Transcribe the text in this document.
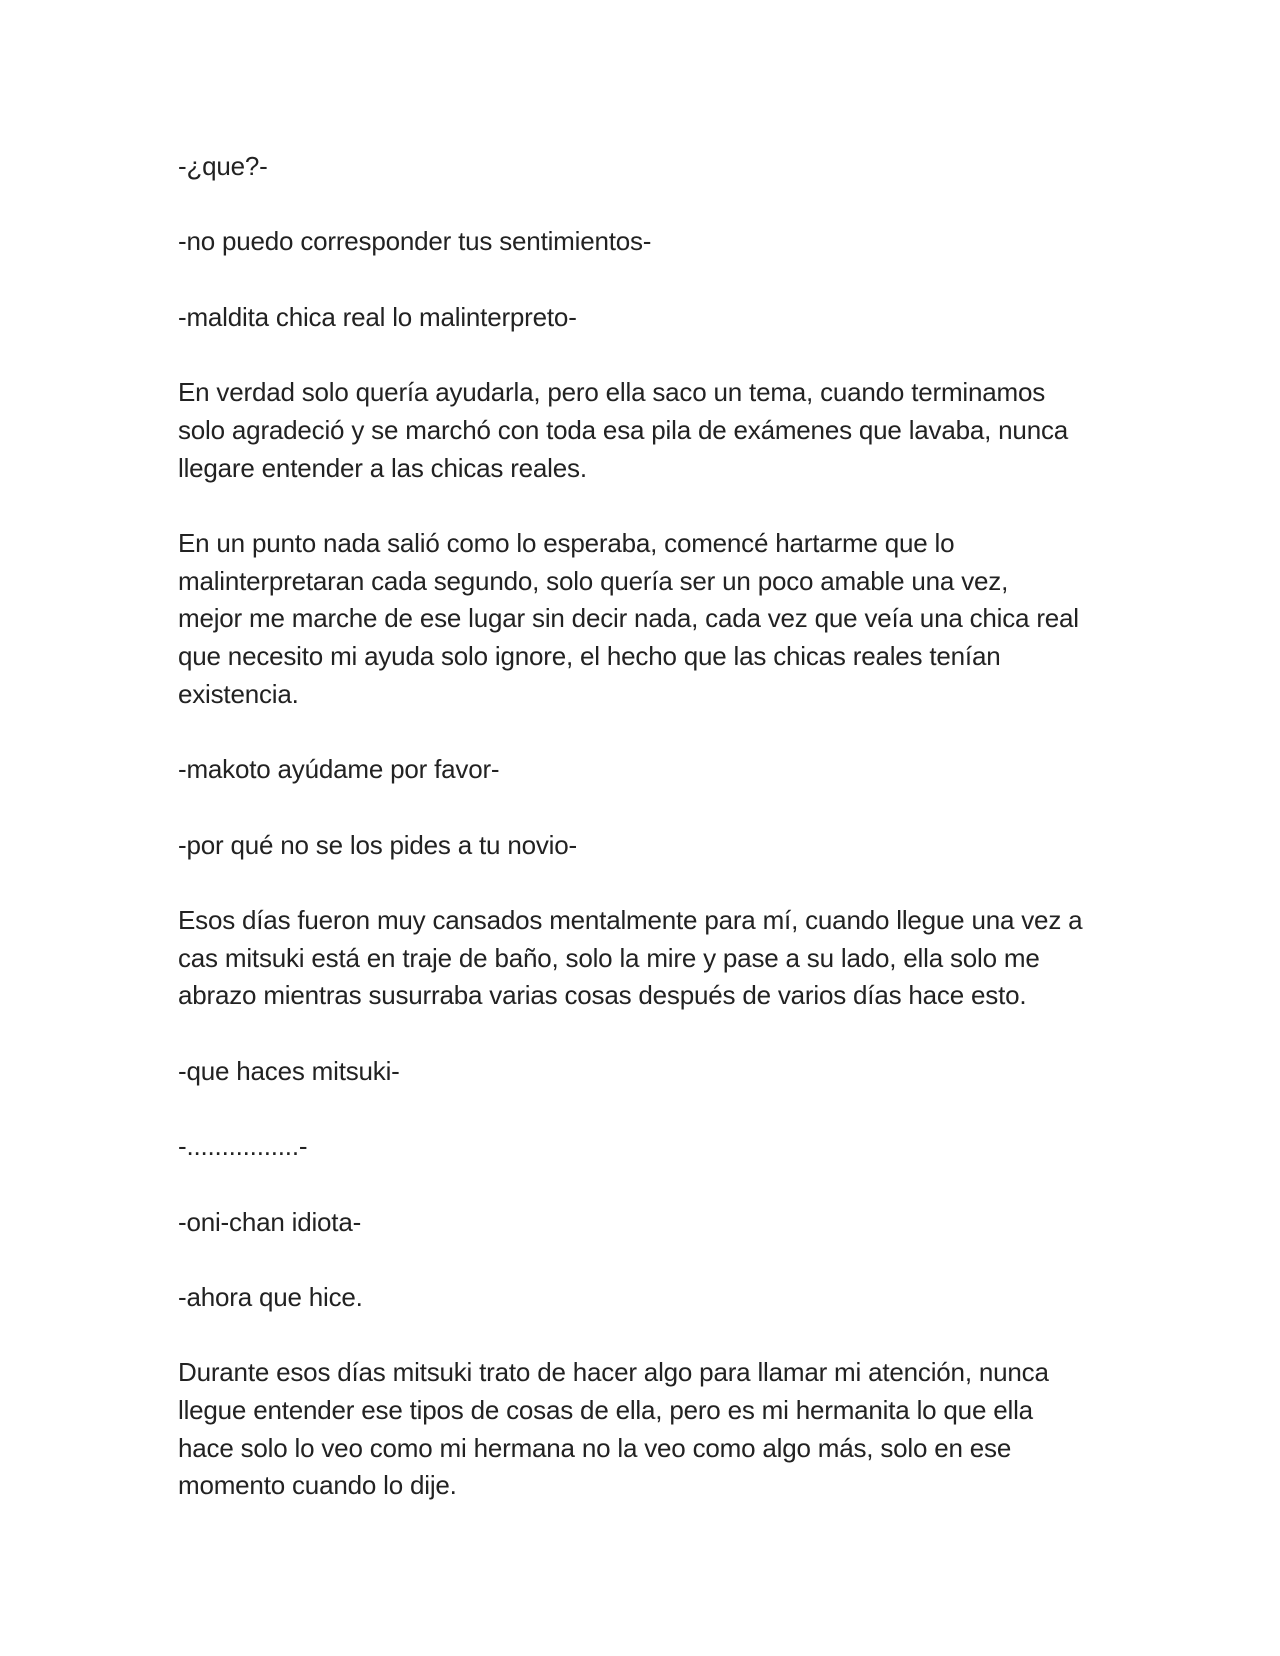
-¿que?-

-no puedo corresponder tus sentimientos-

-maldita chica real lo malinterpreto-

En verdad solo quería ayudarla, pero ella saco un tema, cuando terminamos
solo agradeció y se marchó con toda esa pila de exámenes que lavaba, nunca
llegare entender a las chicas reales.

En un punto nada salió como lo esperaba, comencé hartarme que lo
malinterpretaran cada segundo, solo quería ser un poco amable una vez,
mejor me marche de ese lugar sin decir nada, cada vez que veía una chica real
que necesito mi ayuda solo ignore, el hecho que las chicas reales tenían
existencia.

-makoto ayúdame por favor-

-por qué no se los pides a tu novio-

Esos días fueron muy cansados mentalmente para mí, cuando llegue una vez a
cas mitsuki está en traje de baño, solo la mire y pase a su lado, ella solo me
abrazo mientras susurraba varias cosas después de varios días hace esto.

-que haces mitsuki-

-................-

-oni-chan idiota-

-ahora que hice.

Durante esos días mitsuki trato de hacer algo para llamar mi atención, nunca
llegue entender ese tipos de cosas de ella, pero es mi hermanita lo que ella
hace solo lo veo como mi hermana no la veo como algo más, solo en ese
momento cuando lo dije.
